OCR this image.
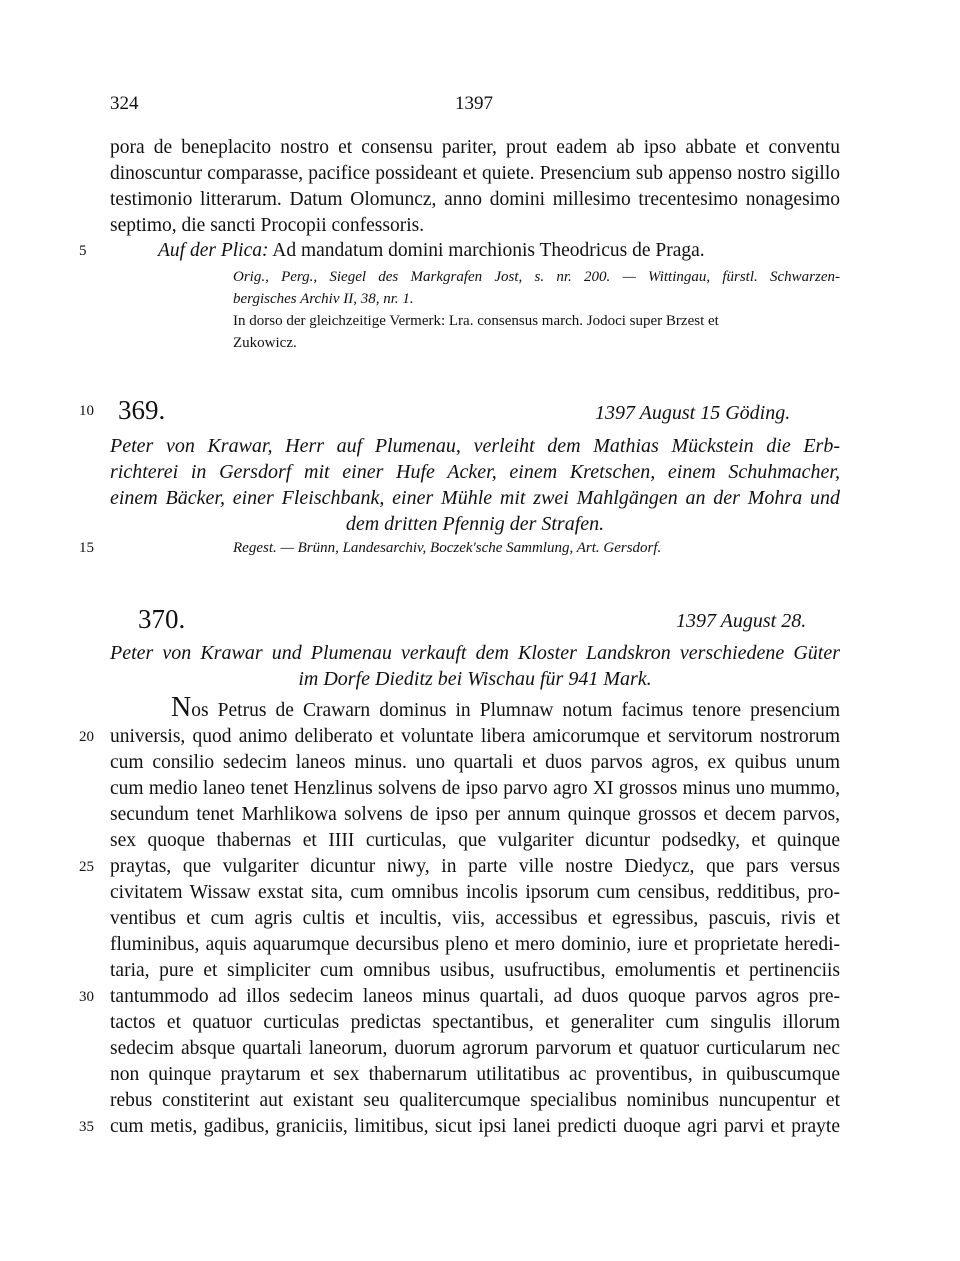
324	1397
pora de beneplacito nostro et consensu pariter, prout eadem ab ipso abbate et conventu
dinoscuntur comparasse, pacifice possideant et quiete. Presencium sub appenso nostro sigillo
testimonio litterarum. Datum Olomuncz, anno domini millesimo trecentesimo nonagesimo
septimo, die sancti Procopii confessoris.
5	Auf der Plica: Ad mandatum domini marchionis Theodricus de Praga.
Orig., Perg., Siegel des Markgrafen Jost, s. nr. 200. — Wittingau, fürstl. Schwarzen-
bergisches Archiv II, 38, nr. 1.
In dorso der gleichzeitige Vermerk: Lra. consensus march. Jodoci super Brzest et
Zukowicz.
10 369.	1397 August 15 Göding.
Peter von Krawar, Herr auf Plumenau, verleiht dem Mathias Mückstein die Erb-
richterei in Gersdorf mit einer Hufe Acker, einem Kretschen, einem Schuhmacher,
einem Bäcker, einer Fleischbank, einer Mühle mit zwei Mahlgängen an der Mohra und
dem dritten Pfennig der Strafen.
15	Regest. — Brünn, Landesarchiv, Boczek'sche Sammlung, Art. Gersdorf.
370.	1397 August 28.
Peter von Krawar und Plumenau verkauft dem Kloster Landskron verschiedene Güter
im Dorfe Dieditz bei Wischau für 941 Mark.
Nos Petrus de Crawarn dominus in Plumnaw notum facimus tenore presencium
20 universis, quod animo deliberato et voluntate libera amicorumque et servitorum nostrorum
cum consilio sedecim laneos minus. uno quartali et duos parvos agros, ex quibus unum
cum medio laneo tenet Henzlinus solvens de ipso parvo agro XI grossos minus uno mummo,
secundum tenet Marhlikowa solvens de ipso per annum quinque grossos et decem parvos,
sex quoque thabernas et IIII curticulas, que vulgariter dicuntur podsedky, et quinque
25 praytas, que vulgariter dicuntur niwy, in parte ville nostre Diedycz, que pars versus
civitatem Wissaw exstat sita, cum omnibus incolis ipsorum cum censibus, redditibus, pro-
ventibus et cum agris cultis et incultis, viis, accessibus et egressibus, pascuis, rivis et
fluminibus, aquis aquarumque decursibus pleno et mero dominio, iure et proprietate heredi-
taria, pure et simpliciter cum omnibus usibus, usufructibus, emolumentis et pertinenciis
30 tantummodo ad illos sedecim laneos minus quartali, ad duos quoque parvos agros pre-
tactos et quatuor curticulas predictas spectantibus, et generaliter cum singulis illorum
sedecim absque quartali laneorum, duorum agrorum parvorum et quatuor curticularum nec
non quinque praytarum et sex thabernarum utilitatibus ac proventibus, in quibuscumque
rebus constiterint aut existant seu qualitercumque specialibus nominibus nuncupentur et
35 cum metis, gadibus, graniciis, limitibus, sicut ipsi lanei predicti duoque agri parvi et prayte
